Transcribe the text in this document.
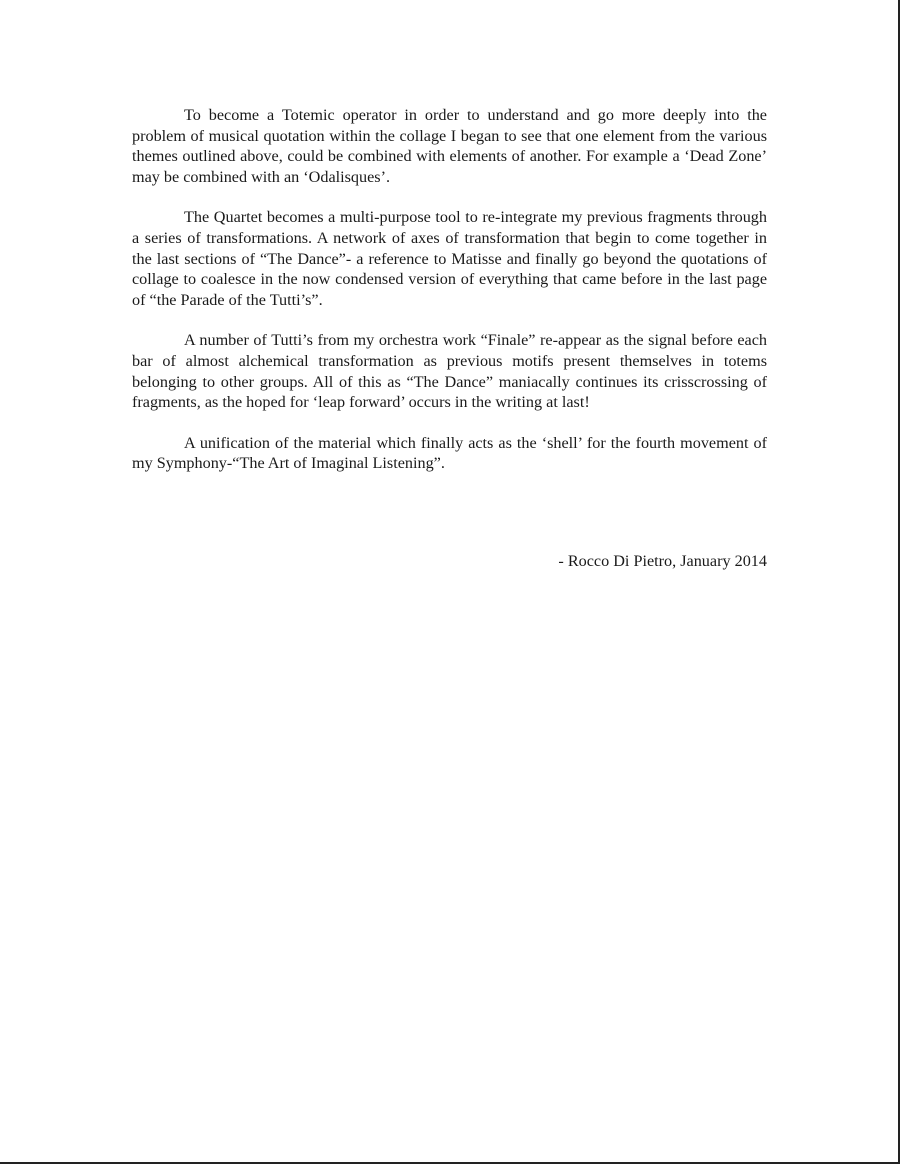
To become a Totemic operator in order to understand and go more deeply into the problem of musical quotation within the collage I began to see that one element from the various themes outlined above, could be combined with elements of another. For example a ‘Dead Zone’ may be combined with an ‘Odalisques’.

The Quartet becomes a multi-purpose tool to re-integrate my previous fragments through a series of transformations. A network of axes of transformation that begin to come together in the last sections of “The Dance”- a reference to Matisse and finally go beyond the quotations of collage to coalesce in the now condensed version of everything that came before in the last page of “the Parade of the Tutti’s”.

A number of Tutti’s from my orchestra work “Finale” re-appear as the signal before each bar of almost alchemical transformation as previous motifs present themselves in totems belonging to other groups. All of this as “The Dance” maniacally continues its crisscrossing of fragments, as the hoped for ‘leap forward’ occurs in the writing at last!

A unification of the material which finally acts as the ‘shell’ for the fourth movement of my Symphony-“The Art of Imaginal Listening”.

- Rocco Di Pietro, January 2014
